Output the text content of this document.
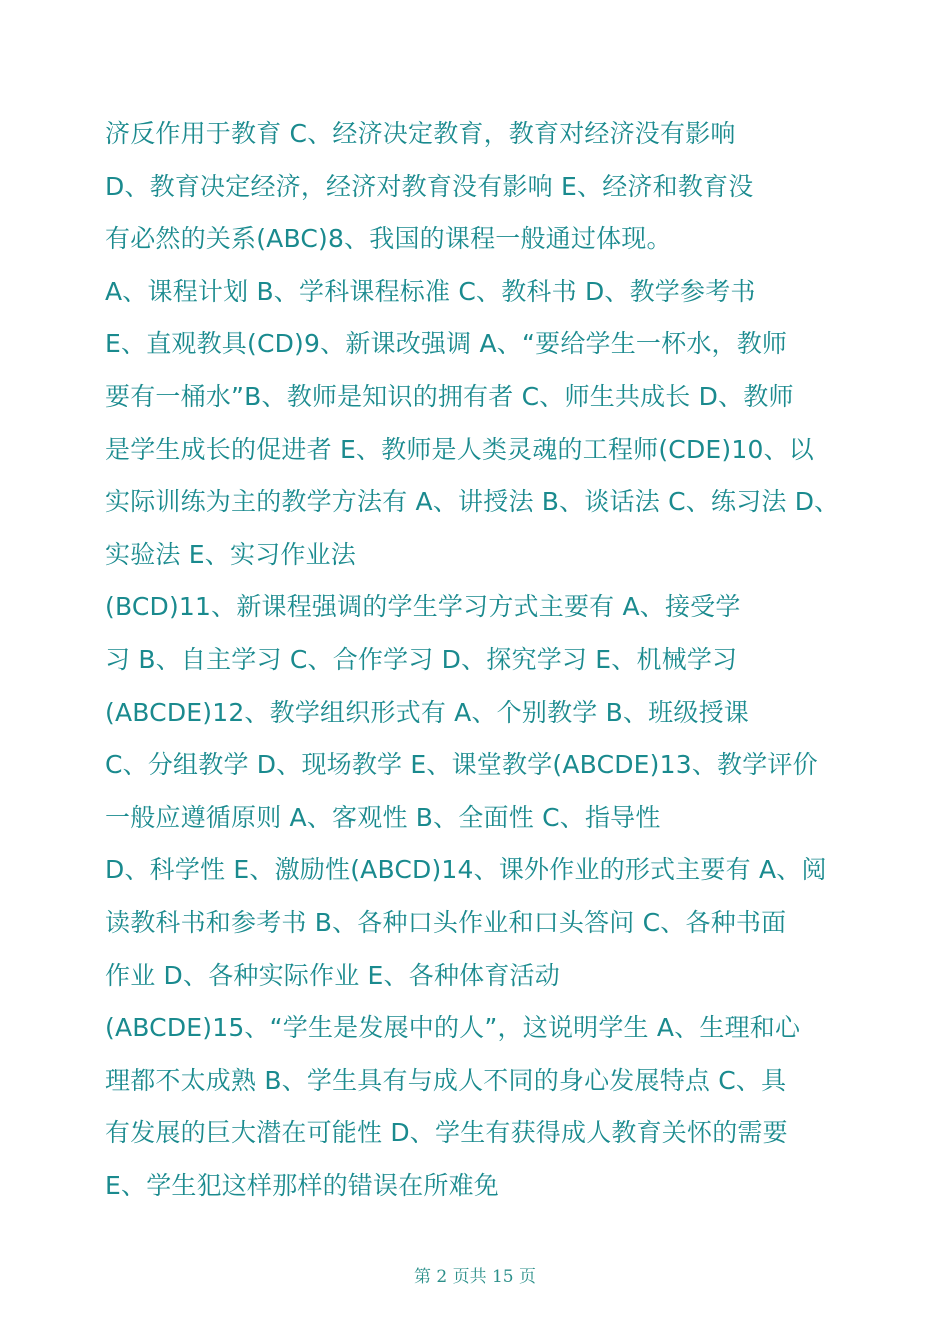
济反作用于教育 C、经济决定教育，教育对经济没有影响
D、教育决定经济，经济对教育没有影响 E、经济和教育没
有必然的关系(ABC)8、我国的课程一般通过体现。
A、课程计划 B、学科课程标准 C、教科书 D、教学参考书
E、直观教具(CD)9、新课改强调 A、“要给学生一杯水，教师
要有一桶水”B、教师是知识的拥有者 C、师生共成长 D、教师
是学生成长的促进者 E、教师是人类灵魂的工程师(CDE)10、以
实际训练为主的教学方法有 A、讲授法 B、谈话法 C、练习法 D、
实验法 E、实习作业法
(BCD)11、新课程强调的学生学习方式主要有 A、接受学
习 B、自主学习 C、合作学习 D、探究学习 E、机械学习
(ABCDE)12、教学组织形式有 A、个别教学 B、班级授课
C、分组教学 D、现场教学 E、课堂教学(ABCDE)13、教学评价
一般应遵循原则 A、客观性 B、全面性 C、指导性
D、科学性 E、激励性(ABCD)14、课外作业的形式主要有 A、阅
读教科书和参考书 B、各种口头作业和口头答问 C、各种书面
作业 D、各种实际作业 E、各种体育活动
(ABCDE)15、“学生是发展中的人”，这说明学生 A、生理和心
理都不太成熟 B、学生具有与成人不同的身心发展特点 C、具
有发展的巨大潜在可能性 D、学生有获得成人教育关怀的需要
E、学生犯这样那样的错误在所难免
第 2 页共 15 页
